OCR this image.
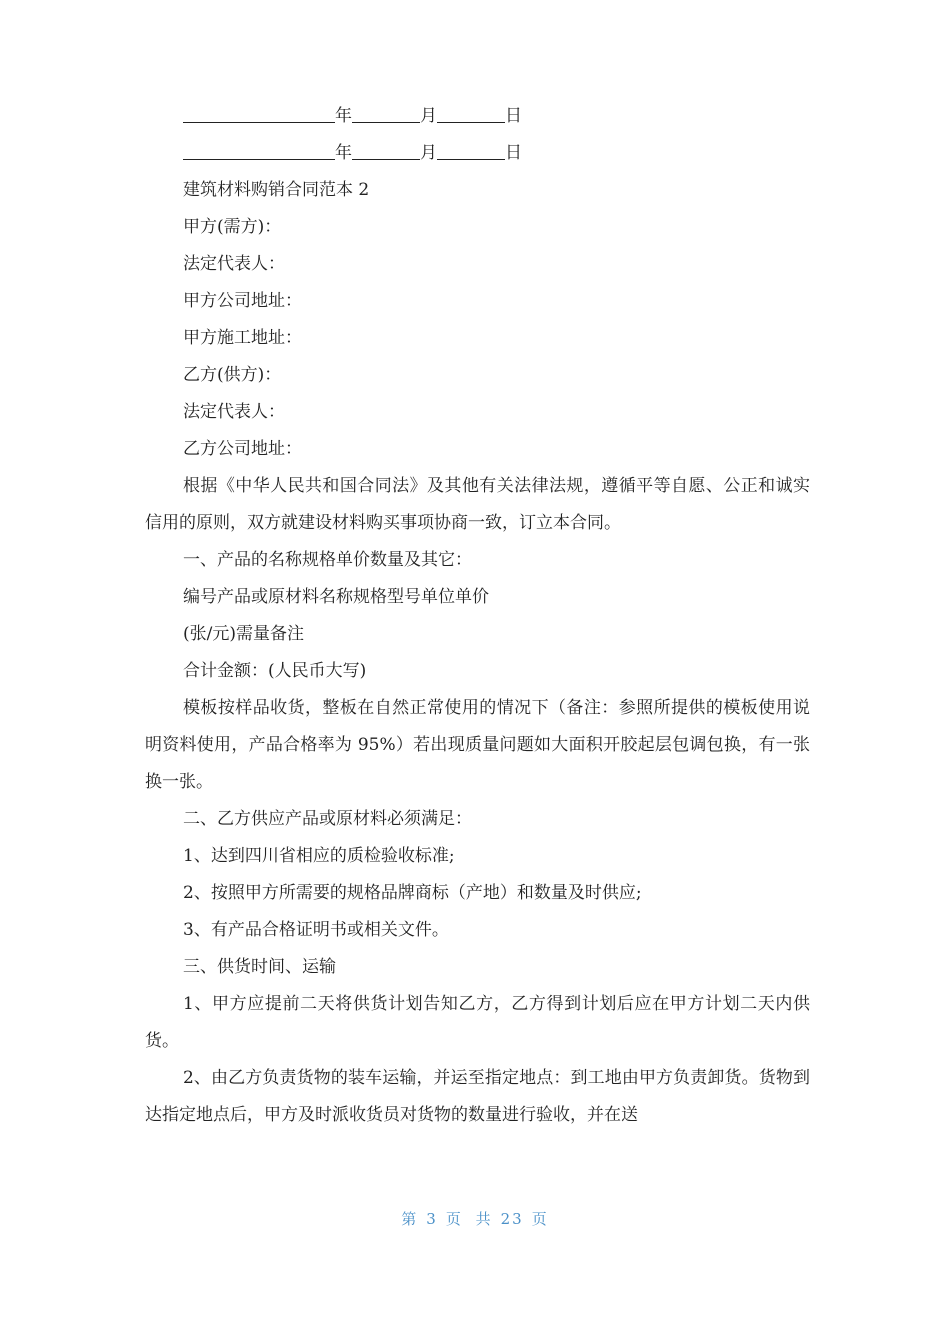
年	月	日

年	月	日

建筑材料购销合同范本 2

甲方(需方)：

法定代表人：

甲方公司地址：

甲方施工地址：

乙方(供方)：

法定代表人：

乙方公司地址：

根据《中华人民共和国合同法》及其他有关法律法规，遵循平等自愿、公正和诚实信用的原则，双方就建设材料购买事项协商一致，订立本合同。

一、产品的名称规格单价数量及其它：

编号产品或原材料名称规格型号单位单价

(张/元)需量备注

合计金额：(人民币大写)

模板按样品收货，整板在自然正常使用的情况下（备注：参照所提供的模板使用说明资料使用，产品合格率为 95%）若出现质量问题如大面积开胶起层包调包换，有一张换一张。

二、乙方供应产品或原材料必须满足：

1、达到四川省相应的质检验收标准;

2、按照甲方所需要的规格品牌商标（产地）和数量及时供应;

3、有产品合格证明书或相关文件。

三、供货时间、运输

1、甲方应提前二天将供货计划告知乙方，乙方得到计划后应在甲方计划二天内供货。

2、由乙方负责货物的装车运输，并运至指定地点：到工地由甲方负责卸货。货物到达指定地点后，甲方及时派收货员对货物的数量进行验收，并在送

第 3 页 共 23 页
